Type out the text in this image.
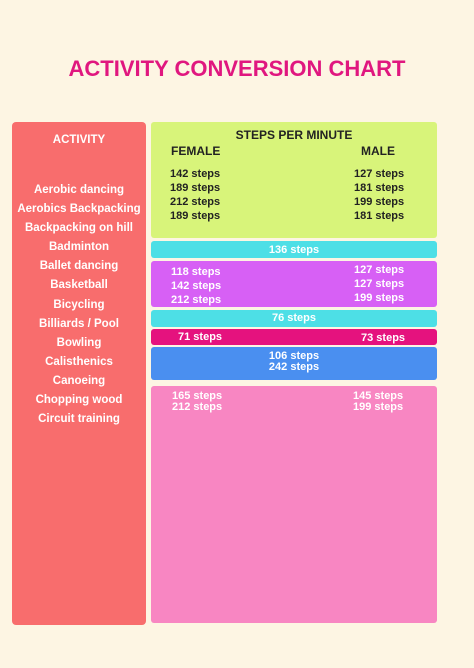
ACTIVITY CONVERSION CHART
ACTIVITY
Aerobic dancing
Aerobics Backpacking
Backpacking on hill
Badminton
Ballet dancing
Basketball
Bicycling
Billiards / Pool
Bowling
Calisthenics
Canoeing
Chopping wood
Circuit training
STEPS PER MINUTE
FEMALE	MALE
142 steps
189 steps
212 steps
189 steps
127 steps
181 steps
199 steps
181 steps
136 steps
118 steps
142 steps
212 steps
127 steps
127 steps
199 steps
76 steps
71 steps	73 steps
106 steps
242 steps
165 steps
212 steps
145 steps
199 steps
